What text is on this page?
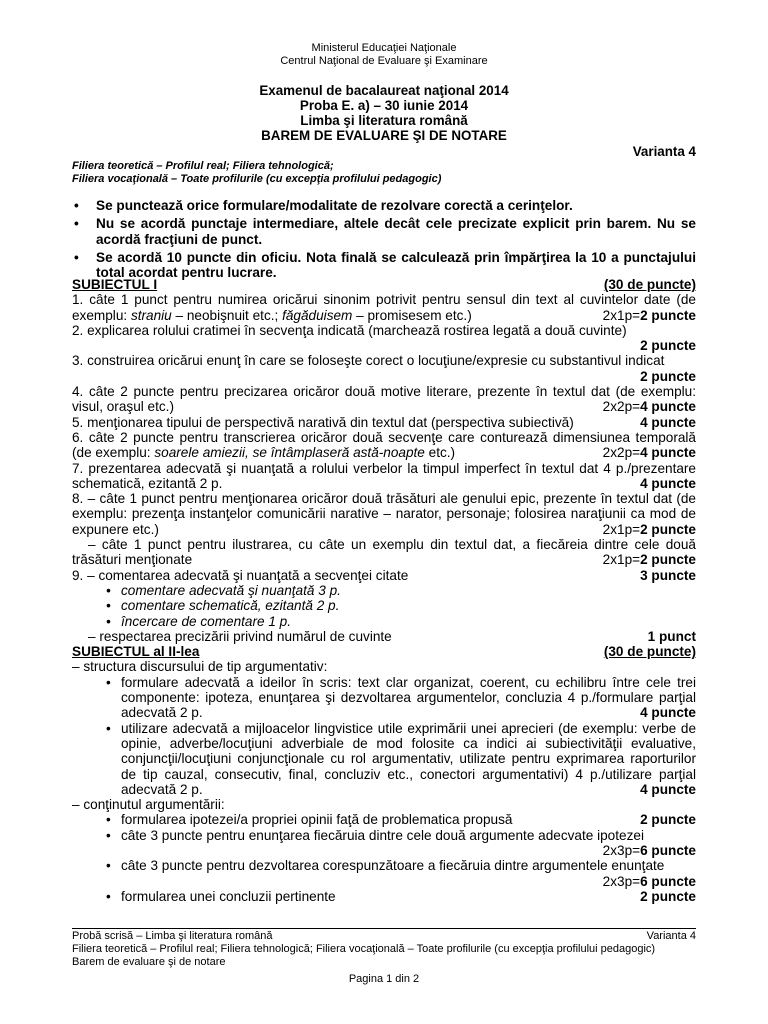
Ministerul Educaţiei Naţionale
Centrul Naţional de Evaluare şi Examinare
Examenul de bacalaureat naţional 2014
Proba E. a) – 30 iunie 2014
Limba şi literatura română
BAREM DE EVALUARE ŞI DE NOTARE
Varianta 4
Filiera teoretică – Profilul real; Filiera tehnologică;
Filiera vocaţională – Toate profilurile (cu excepţia profilului pedagogic)
• Se punctează orice formulare/modalitate de rezolvare corectă a cerinţelor.
• Nu se acordă punctaje intermediare, altele decât cele precizate explicit prin barem. Nu se acordă fracţiuni de punct.
• Se acordă 10 puncte din oficiu. Nota finală se calculează prin împărţirea la 10 a punctajului total acordat pentru lucrare.
SUBIECTUL I	(30 de puncte)
1. câte 1 punct pentru numirea oricărui sinonim potrivit pentru sensul din text al cuvintelor date (de exemplu: straniu – neobişnuit etc.; făgăduisem – promisesem etc.)	2x1p=2 puncte
2. explicarea rolului cratimei în secvenţa indicată (marchează rostirea legată a două cuvinte)
2 puncte
3. construirea oricărui enunţ în care se foloseşte corect o locuţiune/expresie cu substantivul indicat
2 puncte
4. câte 2 puncte pentru precizarea oricăror două motive literare, prezente în textul dat (de exemplu: visul, oraşul etc.)	2x2p=4 puncte
5. menţionarea tipului de perspectivă narativă din textul dat (perspectiva subiectivă)	4 puncte
6. câte 2 puncte pentru transcrierea oricăror două secvenţe care conturează dimensiunea temporală (de exemplu: soarele amiezii, se întâmplaseră astă-noapte etc.)	2x2p=4 puncte
7. prezentarea adecvată şi nuanţată a rolului verbelor la timpul imperfect în textul dat 4 p./prezentare schematică, ezitantă 2 p.	4 puncte
8. – câte 1 punct pentru menţionarea oricăror două trăsături ale genului epic, prezente în textul dat (de exemplu: prezenţa instanţelor comunicării narative – narator, personaje; folosirea naraţiunii ca mod de expunere etc.)	2x1p=2 puncte
– câte 1 punct pentru ilustrarea, cu câte un exemplu din textul dat, a fiecăreia dintre cele două trăsături menţionate	2x1p=2 puncte
9. – comentarea adecvată şi nuanţată a secvenţei citate	3 puncte
• comentare adecvată şi nuanţată 3 p.
• comentare schematică, ezitantă 2 p.
• încercare de comentare 1 p.
– respectarea precizării privind numărul de cuvinte	1 punct
SUBIECTUL al II-lea	(30 de puncte)
– structura discursului de tip argumentativ:
• formulare adecvată a ideilor în scris: text clar organizat, coerent, cu echilibru între cele trei componente: ipoteza, enunţarea şi dezvoltarea argumentelor, concluzia 4 p./formulare parţial adecvată 2 p.	4 puncte
• utilizare adecvată a mijloacelor lingvistice utile exprimării unei aprecieri (de exemplu: verbe de opinie, adverbe/locuţiuni adverbiale de mod folosite ca indici ai subiectivităţii evaluative, conjuncţii/locuţiuni conjuncţionale cu rol argumentativ, utilizate pentru exprimarea raporturilor de tip cauzal, consecutiv, final, concluziv etc., conectori argumentativi) 4 p./utilizare parţial adecvată 2 p.	4 puncte
– conţinutul argumentării:
• formularea ipotezei/a propriei opinii faţă de problematica propusă	2 puncte
• câte 3 puncte pentru enunţarea fiecăruia dintre cele două argumente adecvate ipotezei
2x3p=6 puncte
• câte 3 puncte pentru dezvoltarea corespunzătoare a fiecăruia dintre argumentele enunţate
2x3p=6 puncte
• formularea unei concluzii pertinente	2 puncte
Probă scrisă – Limba şi literatura română	Varianta 4
Filiera teoretică – Profilul real; Filiera tehnologică; Filiera vocaţională – Toate profilurile (cu excepţia profilului pedagogic)
Barem de evaluare şi de notare
Pagina 1 din 2
